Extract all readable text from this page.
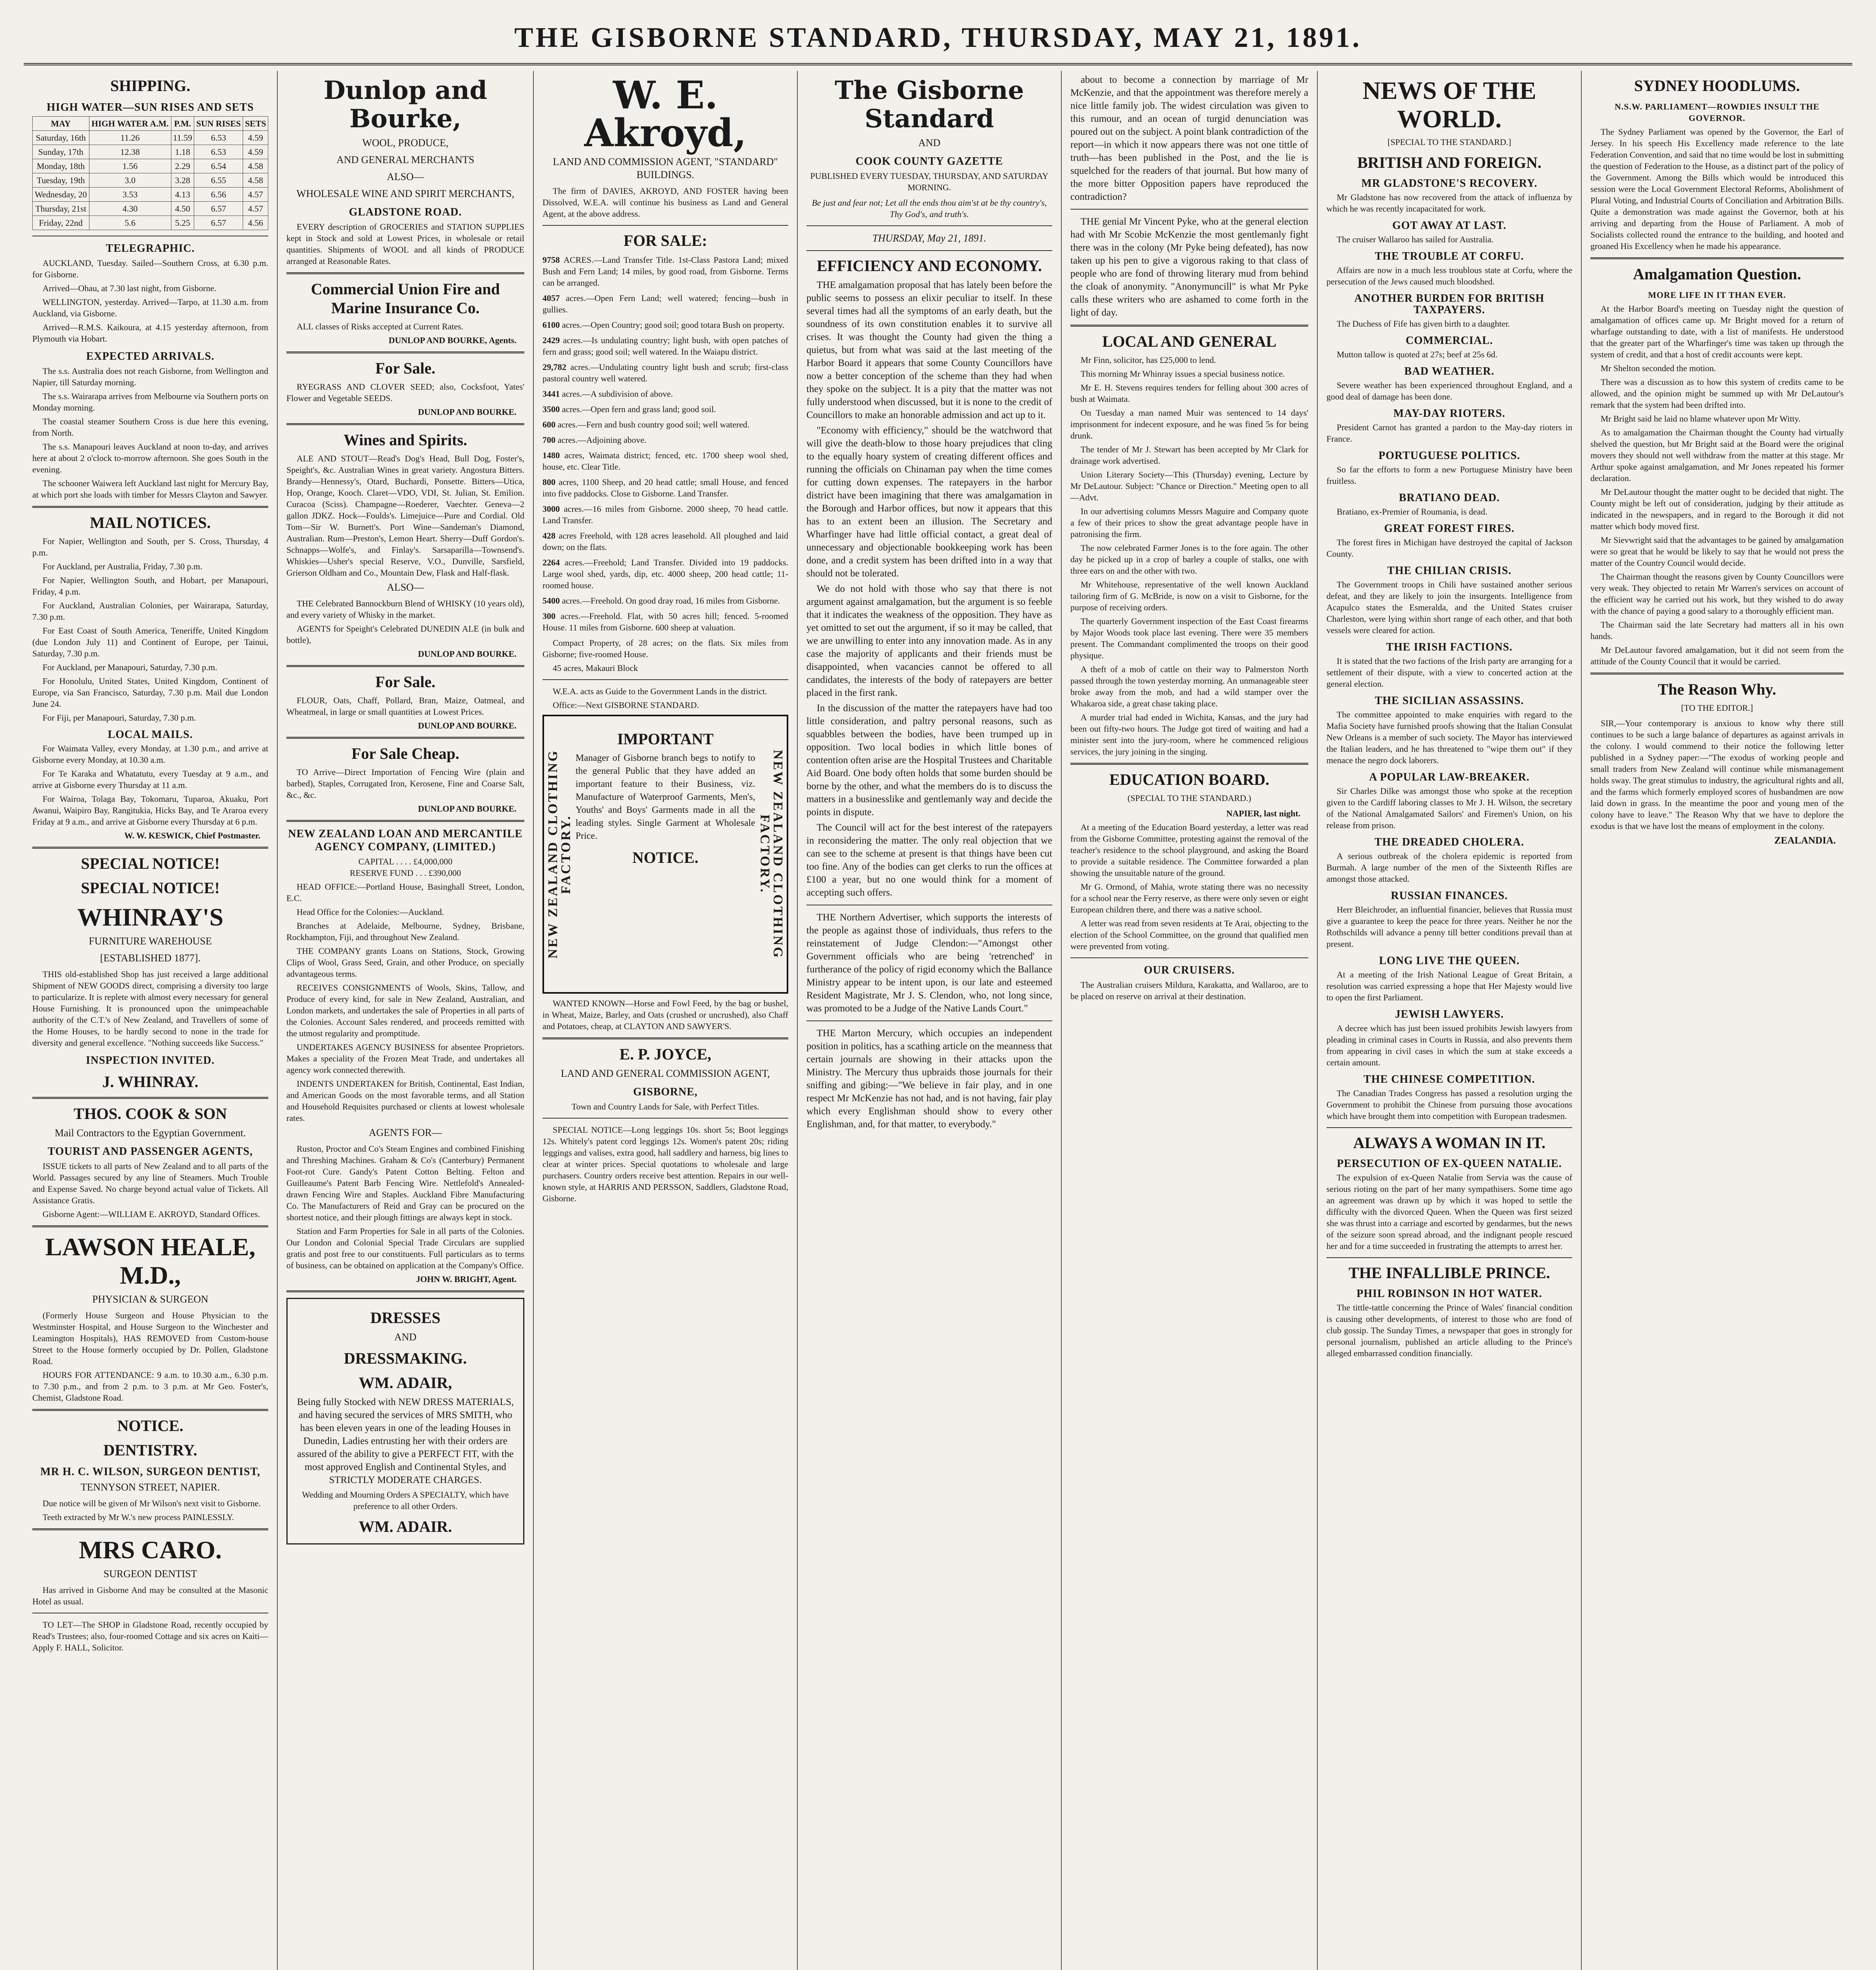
THE GISBORNE STANDARD, THURSDAY, MAY 21, 1891.
SHIPPING.
HIGH WATER—SUN RISES AND SETS
MAY	HIGH WATER A.M.	P.M.	SUN RISES	SETS
Saturday, 16th	11.26	11.59	6.53	4.59
Sunday, 17th	12.38	1.18	6.53	4.59
Monday, 18th	1.56	2.29	6.54	4.58
Tuesday, 19th	3.0	3.28	6.55	4.58
Wednesday, 20	3.53	4.13	6.56	4.57
Thursday, 21st	4.30	4.50	6.57	4.57
Friday, 22nd	5.6	5.25	6.57	4.56
TELEGRAPHIC.

AUCKLAND, Tuesday. Sailed—Southern Cross, at 6.30 p.m. for Gisborne.

Arrived—Ohau, at 7.30 last night, from Gisborne.

WELLINGTON, yesterday. Arrived—Tarpo, at 11.30 a.m. from Auckland, via Gisborne.

Arrived—R.M.S. Kaikoura, at 4.15 yesterday afternoon, from Plymouth via Hobart.

EXPECTED ARRIVALS.

The s.s. Australia does not reach Gisborne, from Wellington and Napier, till Saturday morning.

The s.s. Wairarapa arrives from Melbourne via Southern ports on Monday morning.

The coastal steamer Southern Cross is due here this evening, from North.

The s.s. Manapouri leaves Auckland at noon to-day, and arrives here at about 2 o'clock to-morrow afternoon. She goes South in the evening.

The schooner Waiwera left Auckland last night for Mercury Bay, at which port she loads with timber for Messrs Clayton and Sawyer.

MAIL NOTICES.

For Napier, Wellington and South, per S. Cross, Thursday, 4 p.m.

For Auckland, per Australia, Friday, 7.30 p.m.

For Napier, Wellington South, and Hobart, per Manapouri, Friday, 4 p.m.

For Auckland, Australian Colonies, per Wairarapa, Saturday, 7.30 p.m.

For East Coast of South America, Teneriffe, United Kingdom (due London July 11) and Continent of Europe, per Tainui, Saturday, 7.30 p.m.

For Auckland, per Manapouri, Saturday, 7.30 p.m.

For Honolulu, United States, United Kingdom, Continent of Europe, via San Francisco, Saturday, 7.30 p.m. Mail due London June 24.

For Fiji, per Manapouri, Saturday, 7.30 p.m.

LOCAL MAILS.

For Waimata Valley, every Monday, at 1.30 p.m., and arrive at Gisborne every Monday, at 10.30 a.m.

For Te Karaka and Whatatutu, every Tuesday at 9 a.m., and arrive at Gisborne every Thursday at 11 a.m.

For Wairoa, Tolaga Bay, Tokomaru, Tuparoa, Akuaku, Port Awanui, Waipiro Bay, Rangitukia, Hicks Bay, and Te Araroa every Friday at 9 a.m., and arrive at Gisborne every Thursday at 6 p.m.

W. W. KESWICK, Chief Postmaster.
SPECIAL NOTICE!
SPECIAL NOTICE!
WHINRAY'S
FURNITURE WAREHOUSE
[ESTABLISHED 1877].

THIS old-established Shop has just received a large additional Shipment of NEW GOODS direct, comprising a diversity too large to particularize. It is replete with almost every necessary for general House Furnishing. It is pronounced upon the unimpeachable authority of the C.T.'s of New Zealand, and Travellers of some of the Home Houses, to be hardly second to none in the trade for diversity and general excellence. "Nothing succeeds like Success."

INSPECTION INVITED.
J. WHINRAY.
THOS. COOK & SON
Mail Contractors to the Egyptian Government.
TOURIST AND PASSENGER AGENTS,

ISSUE tickets to all parts of New Zealand and to all parts of the World. Passages secured by any line of Steamers. Much Trouble and Expense Saved. No charge beyond actual value of Tickets. All Assistance Gratis.

Gisborne Agent:—WILLIAM E. AKROYD, Standard Offices.

LAWSON HEALE, M.D.,
PHYSICIAN & SURGEON

(Formerly House Surgeon and House Physician to the Westminster Hospital, and House Surgeon to the Winchester and Leamington Hospitals), HAS REMOVED from Custom-house Street to the House formerly occupied by Dr. Pollen, Gladstone Road.

HOURS FOR ATTENDANCE: 9 a.m. to 10.30 a.m., 6.30 p.m. to 7.30 p.m., and from 2 p.m. to 3 p.m. at Mr Geo. Foster's, Chemist, Gladstone Road.

NOTICE.
DENTISTRY.
MR H. C. WILSON, SURGEON DENTIST,
TENNYSON STREET, NAPIER.

Due notice will be given of Mr Wilson's next visit to Gisborne.

Teeth extracted by Mr W.'s new process PAINLESSLY.

MRS CARO.
SURGEON DENTIST

Has arrived in Gisborne And may be consulted at the Masonic Hotel as usual.

TO LET—The SHOP in Gladstone Road, recently occupied by Read's Trustees; also, four-roomed Cottage and six acres on Kaiti—Apply F. HALL, Solicitor.

Dunlop and Bourke,
WOOL, PRODUCE,
AND GENERAL MERCHANTS
ALSO—
WHOLESALE WINE AND SPIRIT MERCHANTS,
GLADSTONE ROAD.

EVERY description of GROCERIES and STATION SUPPLIES kept in Stock and sold at Lowest Prices, in wholesale or retail quantities. Shipments of WOOL and all kinds of PRODUCE arranged at Reasonable Rates.

Commercial Union Fire and Marine Insurance Co.

ALL classes of Risks accepted at Current Rates.

DUNLOP AND BOURKE, Agents.
For Sale.

RYEGRASS AND CLOVER SEED; also, Cocksfoot, Yates' Flower and Vegetable SEEDS.

DUNLOP AND BOURKE.
Wines and Spirits.

ALE AND STOUT—Read's Dog's Head, Bull Dog, Foster's, Speight's, &c. Australian Wines in great variety. Angostura Bitters. Brandy—Hennessy's, Otard, Buchardi, Ponsette. Bitters—Utica, Hop, Orange, Kooch. Claret—VDO, VDI, St. Julian, St. Emilion. Curacoa (Sciss). Champagne—Roederer, Vaechter. Geneva—2 gallon JDKZ. Hock—Foulds's. Limejuice—Pure and Cordial. Old Tom—Sir W. Burnett's. Port Wine—Sandeman's Diamond, Australian. Rum—Preston's, Lemon Heart. Sherry—Duff Gordon's. Schnapps—Wolfe's, and Finlay's. Sarsaparilla—Townsend's. Whiskies—Usher's special Reserve, V.O., Dunville, Sarsfield, Grierson Oldham and Co., Mountain Dew, Flask and Half-flask.

ALSO—

THE Celebrated Bannockburn Blend of WHISKY (10 years old), and every variety of Whisky in the market.

AGENTS for Speight's Celebrated DUNEDIN ALE (in bulk and bottle),

DUNLOP AND BOURKE.
For Sale.

FLOUR, Oats, Chaff, Pollard, Bran, Maize, Oatmeal, and Wheatmeal, in large or small quantities at Lowest Prices.

DUNLOP AND BOURKE.
For Sale Cheap.

TO Arrive—Direct Importation of Fencing Wire (plain and barbed), Staples, Corrugated Iron, Kerosene, Fine and Coarse Salt, &c., &c.

DUNLOP AND BOURKE.
NEW ZEALAND LOAN AND MERCANTILE AGENCY COMPANY, (LIMITED.)
CAPITAL . . . . £4,000,000
RESERVE FUND . . . £390,000

HEAD OFFICE:—Portland House, Basinghall Street, London, E.C.

Head Office for the Colonies:—Auckland.

Branches at Adelaide, Melbourne, Sydney, Brisbane, Rockhampton, Fiji, and throughout New Zealand.

THE COMPANY grants Loans on Stations, Stock, Growing Clips of Wool, Grass Seed, Grain, and other Produce, on specially advantageous terms.

RECEIVES CONSIGNMENTS of Wools, Skins, Tallow, and Produce of every kind, for sale in New Zealand, Australian, and London markets, and undertakes the sale of Properties in all parts of the Colonies. Account Sales rendered, and proceeds remitted with the utmost regularity and promptitude.

UNDERTAKES AGENCY BUSINESS for absentee Proprietors. Makes a speciality of the Frozen Meat Trade, and undertakes all agency work connected therewith.

INDENTS UNDERTAKEN for British, Continental, East Indian, and American Goods on the most favorable terms, and all Station and Household Requisites purchased or clients at lowest wholesale rates.

AGENTS FOR—

Ruston, Proctor and Co's Steam Engines and combined Finishing and Threshing Machines. Graham & Co's (Canterbury) Permanent Foot-rot Cure. Gandy's Patent Cotton Belting. Felton and Guilleaume's Patent Barb Fencing Wire. Nettlefold's Annealed-drawn Fencing Wire and Staples. Auckland Fibre Manufacturing Co. The Manufacturers of Reid and Gray can be procured on the shortest notice, and their plough fittings are always kept in stock.

Station and Farm Properties for Sale in all parts of the Colonies. Our London and Colonial Special Trade Circulars are supplied gratis and post free to our constituents. Full particulars as to terms of business, can be obtained on application at the Company's Office.

JOHN W. BRIGHT, Agent.
DRESSES
AND
DRESSMAKING.
WM. ADAIR,

Being fully Stocked with NEW DRESS MATERIALS, and having secured the services of MRS SMITH, who has been eleven years in one of the leading Houses in Dunedin, Ladies entrusting her with their orders are assured of the ability to give a PERFECT FIT, with the most approved English and Continental Styles, and STRICTLY MODERATE CHARGES.

Wedding and Mourning Orders A SPECIALTY, which have preference to all other Orders.

WM. ADAIR.
W. E. Akroyd,
LAND AND COMMISSION AGENT, "STANDARD" BUILDINGS.

The firm of DAVIES, AKROYD, AND FOSTER having been Dissolved, W.E.A. will continue his business as Land and General Agent, at the above address.

FOR SALE:

9758 ACRES.—Land Transfer Title. 1st-Class Pastora Land; mixed Bush and Fern Land; 14 miles, by good road, from Gisborne. Terms can be arranged.

4057 acres.—Open Fern Land; well watered; fencing—bush in gullies.

6100 acres.—Open Country; good soil; good totara Bush on property.

2429 acres.—Is undulating country; light bush, with open patches of fern and grass; good soil; well watered. In the Waiapu district.

29,782 acres.—Undulating country light bush and scrub; first-class pastoral country well watered.

3441 acres.—A subdivision of above.

3500 acres.—Open fern and grass land; good soil.

600 acres.—Fern and bush country good soil; well watered.

700 acres.—Adjoining above.

1480 acres, Waimata district; fenced, etc. 1700 sheep wool shed, house, etc. Clear Title.

800 acres, 1100 Sheep, and 20 head cattle; small House, and fenced into five paddocks. Close to Gisborne. Land Transfer.

3000 acres.—16 miles from Gisborne. 2000 sheep, 70 head cattle. Land Transfer.

428 acres Freehold, with 128 acres leasehold. All ploughed and laid down; on the flats.

2264 acres.—Freehold; Land Transfer. Divided into 19 paddocks. Large wool shed, yards, dip, etc. 4000 sheep, 200 head cattle; 11-roomed house.

5400 acres.—Freehold. On good dray road, 16 miles from Gisborne.

300 acres.—Freehold. Flat, with 50 acres hill; fenced. 5-roomed House. 11 miles from Gisborne. 600 sheep at valuation.

Compact Property, of 28 acres; on the flats. Six miles from Gisborne; five-roomed House.

45 acres, Makauri Block

W.E.A. acts as Guide to the Government Lands in the district.

Office:—Next GISBORNE STANDARD.

NEW ZEALAND CLOTHING FACTORY.	NEW ZEALAND CLOTHING FACTORY.
IMPORTANT

Manager of Gisborne branch begs to notify to the general Public that they have added an important feature to their Business, viz. Manufacture of Waterproof Garments, Men's, Youths' and Boys' Garments made in all the leading styles. Single Garment at Wholesale Price.

NOTICE.

WANTED KNOWN—Horse and Fowl Feed, by the bag or bushel, in Wheat, Maize, Barley, and Oats (crushed or uncrushed), also Chaff and Potatoes, cheap, at CLAYTON AND SAWYER'S.

E. P. JOYCE,
LAND AND GENERAL COMMISSION AGENT,
GISBORNE,

Town and Country Lands for Sale, with Perfect Titles.

SPECIAL NOTICE—Long leggings 10s. short 5s; Boot leggings 12s. Whitely's patent cord leggings 12s. Women's patent 20s; riding leggings and valises, extra good, hall saddlery and harness, big lines to clear at winter prices. Special quotations to wholesale and large purchasers. Country orders receive best attention. Repairs in our well-known style, at HARRIS AND PERSSON, Saddlers, Gladstone Road, Gisborne.

The Gisborne Standard
AND
COOK COUNTY GAZETTE
PUBLISHED EVERY TUESDAY, THURSDAY, AND SATURDAY MORNING.
Be just and fear not; Let all the ends thou aim'st at be thy country's, Thy God's, and truth's.
THURSDAY, May 21, 1891.
EFFICIENCY AND ECONOMY.

THE amalgamation proposal that has lately been before the public seems to possess an elixir peculiar to itself. In these several times had all the symptoms of an early death, but the soundness of its own constitution enables it to survive all crises. It was thought the County had given the thing a quietus, but from what was said at the last meeting of the Harbor Board it appears that some County Councillors have now a better conception of the scheme than they had when they spoke on the subject. It is a pity that the matter was not fully understood when discussed, but it is none to the credit of Councillors to make an honorable admission and act up to it.

"Economy with efficiency," should be the watchword that will give the death-blow to those hoary prejudices that cling to the equally hoary system of creating different offices and running the officials on Chinaman pay when the time comes for cutting down expenses. The ratepayers in the harbor district have been imagining that there was amalgamation in the Borough and Harbor offices, but now it appears that this has to an extent been an illusion. The Secretary and Wharfinger have had little official contact, a great deal of unnecessary and objectionable bookkeeping work has been done, and a credit system has been drifted into in a way that should not be tolerated.

We do not hold with those who say that there is not argument against amalgamation, but the argument is so feeble that it indicates the weakness of the opposition. They have as yet omitted to set out the argument, if so it may be called, that we are unwilling to enter into any innovation made. As in any case the majority of applicants and their friends must be disappointed, when vacancies cannot be offered to all candidates, the interests of the body of ratepayers are better placed in the first rank.

In the discussion of the matter the ratepayers have had too little consideration, and paltry personal reasons, such as squabbles between the bodies, have been trumped up in opposition. Two local bodies in which little bones of contention often arise are the Hospital Trustees and Charitable Aid Board. One body often holds that some burden should be borne by the other, and what the members do is to discuss the matters in a businesslike and gentlemanly way and decide the points in dispute.

The Council will act for the best interest of the ratepayers in reconsidering the matter. The only real objection that we can see to the scheme at present is that things have been cut too fine. Any of the bodies can get clerks to run the offices at £100 a year, but no one would think for a moment of accepting such offers.

THE Northern Advertiser, which supports the interests of the people as against those of individuals, thus refers to the reinstatement of Judge Clendon:—"Amongst other Government officials who are being 'retrenched' in furtherance of the policy of rigid economy which the Ballance Ministry appear to be intent upon, is our late and esteemed Resident Magistrate, Mr J. S. Clendon, who, not long since, was promoted to be a Judge of the Native Lands Court."

THE Marton Mercury, which occupies an independent position in politics, has a scathing article on the meanness that certain journals are showing in their attacks upon the Ministry. The Mercury thus upbraids those journals for their sniffing and gibing:—"We believe in fair play, and in one respect Mr McKenzie has not had, and is not having, fair play which every Englishman should show to every other Englishman, and, for that matter, to everybody."

about to become a connection by marriage of Mr McKenzie, and that the appointment was therefore merely a nice little family job. The widest circulation was given to this rumour, and an ocean of turgid denunciation was poured out on the subject. A point blank contradiction of the report—in which it now appears there was not one tittle of truth—has been published in the Post, and the lie is squelched for the readers of that journal. But how many of the more bitter Opposition papers have reproduced the contradiction?

THE genial Mr Vincent Pyke, who at the general election had with Mr Scobie McKenzie the most gentlemanly fight there was in the colony (Mr Pyke being defeated), has now taken up his pen to give a vigorous raking to that class of people who are fond of throwing literary mud from behind the cloak of anonymity. "Anonymuncill" is what Mr Pyke calls these writers who are ashamed to come forth in the light of day.

LOCAL AND GENERAL

Mr Finn, solicitor, has £25,000 to lend.

This morning Mr Whinray issues a special business notice.

Mr E. H. Stevens requires tenders for felling about 300 acres of bush at Waimata.

On Tuesday a man named Muir was sentenced to 14 days' imprisonment for indecent exposure, and he was fined 5s for being drunk.

The tender of Mr J. Stewart has been accepted by Mr Clark for drainage work advertised.

Union Literary Society—This (Thursday) evening, Lecture by Mr DeLautour. Subject: "Chance or Direction." Meeting open to all—Advt.

In our advertising columns Messrs Maguire and Company quote a few of their prices to show the great advantage people have in patronising the firm.

The now celebrated Farmer Jones is to the fore again. The other day he picked up in a crop of barley a couple of stalks, one with three ears on and the other with two.

Mr Whitehouse, representative of the well known Auckland tailoring firm of G. McBride, is now on a visit to Gisborne, for the purpose of receiving orders.

The quarterly Government inspection of the East Coast firearms by Major Woods took place last evening. There were 35 members present. The Commandant complimented the troops on their good physique.

A theft of a mob of cattle on their way to Palmerston North passed through the town yesterday morning. An unmanageable steer broke away from the mob, and had a wild stamper over the Whakaroa side, a great chase taking place.

A murder trial had ended in Wichita, Kansas, and the jury had been out fifty-two hours. The Judge got tired of waiting and had a minister sent into the jury-room, where he commenced religious services, the jury joining in the singing.

EDUCATION BOARD.
(SPECIAL TO THE STANDARD.)
NAPIER, last night.

At a meeting of the Education Board yesterday, a letter was read from the Gisborne Committee, protesting against the removal of the teacher's residence to the school playground, and asking the Board to provide a suitable residence. The Committee forwarded a plan showing the unsuitable nature of the ground.

Mr G. Ormond, of Mahia, wrote stating there was no necessity for a school near the Ferry reserve, as there were only seven or eight European children there, and there was a native school.

A letter was read from seven residents at Te Arai, objecting to the election of the School Committee, on the ground that qualified men were prevented from voting.

OUR CRUISERS.

The Australian cruisers Mildura, Karakatta, and Wallaroo, are to be placed on reserve on arrival at their destination.

NEWS OF THE WORLD.
[SPECIAL TO THE STANDARD.]
BRITISH AND FOREIGN.
MR GLADSTONE'S RECOVERY.

Mr Gladstone has now recovered from the attack of influenza by which he was recently incapacitated for work.

GOT AWAY AT LAST.

The cruiser Wallaroo has sailed for Australia.

THE TROUBLE AT CORFU.

Affairs are now in a much less troublous state at Corfu, where the persecution of the Jews caused much bloodshed.

ANOTHER BURDEN FOR BRITISH TAXPAYERS.

The Duchess of Fife has given birth to a daughter.

COMMERCIAL.

Mutton tallow is quoted at 27s; beef at 25s 6d.

BAD WEATHER.

Severe weather has been experienced throughout England, and a good deal of damage has been done.

MAY-DAY RIOTERS.

President Carnot has granted a pardon to the May-day rioters in France.

PORTUGUESE POLITICS.

So far the efforts to form a new Portuguese Ministry have been fruitless.

BRATIANO DEAD.

Bratiano, ex-Premier of Roumania, is dead.

GREAT FOREST FIRES.

The forest fires in Michigan have destroyed the capital of Jackson County.

THE CHILIAN CRISIS.

The Government troops in Chili have sustained another serious defeat, and they are likely to join the insurgents. Intelligence from Acapulco states the Esmeralda, and the United States cruiser Charleston, were lying within short range of each other, and that both vessels were cleared for action.

THE IRISH FACTIONS.

It is stated that the two factions of the Irish party are arranging for a settlement of their dispute, with a view to concerted action at the general election.

THE SICILIAN ASSASSINS.

The committee appointed to make enquiries with regard to the Mafia Society have furnished proofs showing that the Italian Consulat New Orleans is a member of such society. The Mayor has interviewed the Italian leaders, and he has threatened to "wipe them out" if they menace the negro dock laborers.

A POPULAR LAW-BREAKER.

Sir Charles Dilke was amongst those who spoke at the reception given to the Cardiff laboring classes to Mr J. H. Wilson, the secretary of the National Amalgamated Sailors' and Firemen's Union, on his release from prison.

THE DREADED CHOLERA.

A serious outbreak of the cholera epidemic is reported from Burmah. A large number of the men of the Sixteenth Rifles are amongst those attacked.

RUSSIAN FINANCES.

Herr Bleichroder, an influential financier, believes that Russia must give a guarantee to keep the peace for three years. Neither he nor the Rothschilds will advance a penny till better conditions prevail than at present.

LONG LIVE THE QUEEN.

At a meeting of the Irish National League of Great Britain, a resolution was carried expressing a hope that Her Majesty would live to open the first Parliament.

JEWISH LAWYERS.

A decree which has just been issued prohibits Jewish lawyers from pleading in criminal cases in Courts in Russia, and also prevents them from appearing in civil cases in which the sum at stake exceeds a certain amount.

THE CHINESE COMPETITION.

The Canadian Trades Congress has passed a resolution urging the Government to prohibit the Chinese from pursuing those avocations which have brought them into competition with European tradesmen.

ALWAYS A WOMAN IN IT.
PERSECUTION OF EX-QUEEN NATALIE.

The expulsion of ex-Queen Natalie from Servia was the cause of serious rioting on the part of her many sympathisers. Some time ago an agreement was drawn up by which it was hoped to settle the difficulty with the divorced Queen. When the Queen was first seized she was thrust into a carriage and escorted by gendarmes, but the news of the seizure soon spread abroad, and the indignant people rescued her and for a time succeeded in frustrating the attempts to arrest her.

THE INFALLIBLE PRINCE.
PHIL ROBINSON IN HOT WATER.

The tittle-tattle concerning the Prince of Wales' financial condition is causing other developments, of interest to those who are fond of club gossip. The Sunday Times, a newspaper that goes in strongly for personal journalism, published an article alluding to the Prince's alleged embarrassed condition financially.

SYDNEY HOODLUMS.
N.S.W. PARLIAMENT—ROWDIES INSULT THE GOVERNOR.

The Sydney Parliament was opened by the Governor, the Earl of Jersey. In his speech His Excellency made reference to the late Federation Convention, and said that no time would be lost in submitting the question of Federation to the House, as a distinct part of the policy of the Government. Among the Bills which would be introduced this session were the Local Government Electoral Reforms, Abolishment of Plural Voting, and Industrial Courts of Conciliation and Arbitration Bills. Quite a demonstration was made against the Governor, both at his arriving and departing from the House of Parliament. A mob of Socialists collected round the entrance to the building, and hooted and groaned His Excellency when he made his appearance.

Amalgamation Question.
MORE LIFE IN IT THAN EVER.

At the Harbor Board's meeting on Tuesday night the question of amalgamation of offices came up. Mr Bright moved for a return of wharfage outstanding to date, with a list of manifests. He understood that the greater part of the Wharfinger's time was taken up through the system of credit, and that a host of credit accounts were kept.

Mr Shelton seconded the motion.

There was a discussion as to how this system of credits came to be allowed, and the opinion might be summed up with Mr DeLautour's remark that the system had been drifted into.

Mr Bright said he laid no blame whatever upon Mr Witty.

As to amalgamation the Chairman thought the County had virtually shelved the question, but Mr Bright said at the Board were the original movers they should not well withdraw from the matter at this stage. Mr Arthur spoke against amalgamation, and Mr Jones repeated his former declaration.

Mr DeLautour thought the matter ought to be decided that night. The County might be left out of consideration, judging by their attitude as indicated in the newspapers, and in regard to the Borough it did not matter which body moved first.

Mr Sievwright said that the advantages to be gained by amalgamation were so great that he would be likely to say that he would not press the matter of the Country Council would decide.

The Chairman thought the reasons given by County Councillors were very weak. They objected to retain Mr Warren's services on account of the efficient way he carried out his work, but they wished to do away with the chance of paying a good salary to a thoroughly efficient man.

The Chairman said the late Secretary had matters all in his own hands.

Mr DeLautour favored amalgamation, but it did not seem from the attitude of the County Council that it would be carried.

The Reason Why.
[TO THE EDITOR.]

SIR,—Your contemporary is anxious to know why there still continues to be such a large balance of departures as against arrivals in the colony. I would commend to their notice the following letter published in a Sydney paper:—"The exodus of working people and small traders from New Zealand will continue while mismanagement holds sway. The great stimulus to industry, the agricultural rights and all, and the farms which formerly employed scores of husbandmen are now laid down in grass. In the meantime the poor and young men of the colony have to leave." The Reason Why that we have to deplore the exodus is that we have lost the means of employment in the colony.

ZEALANDIA.
